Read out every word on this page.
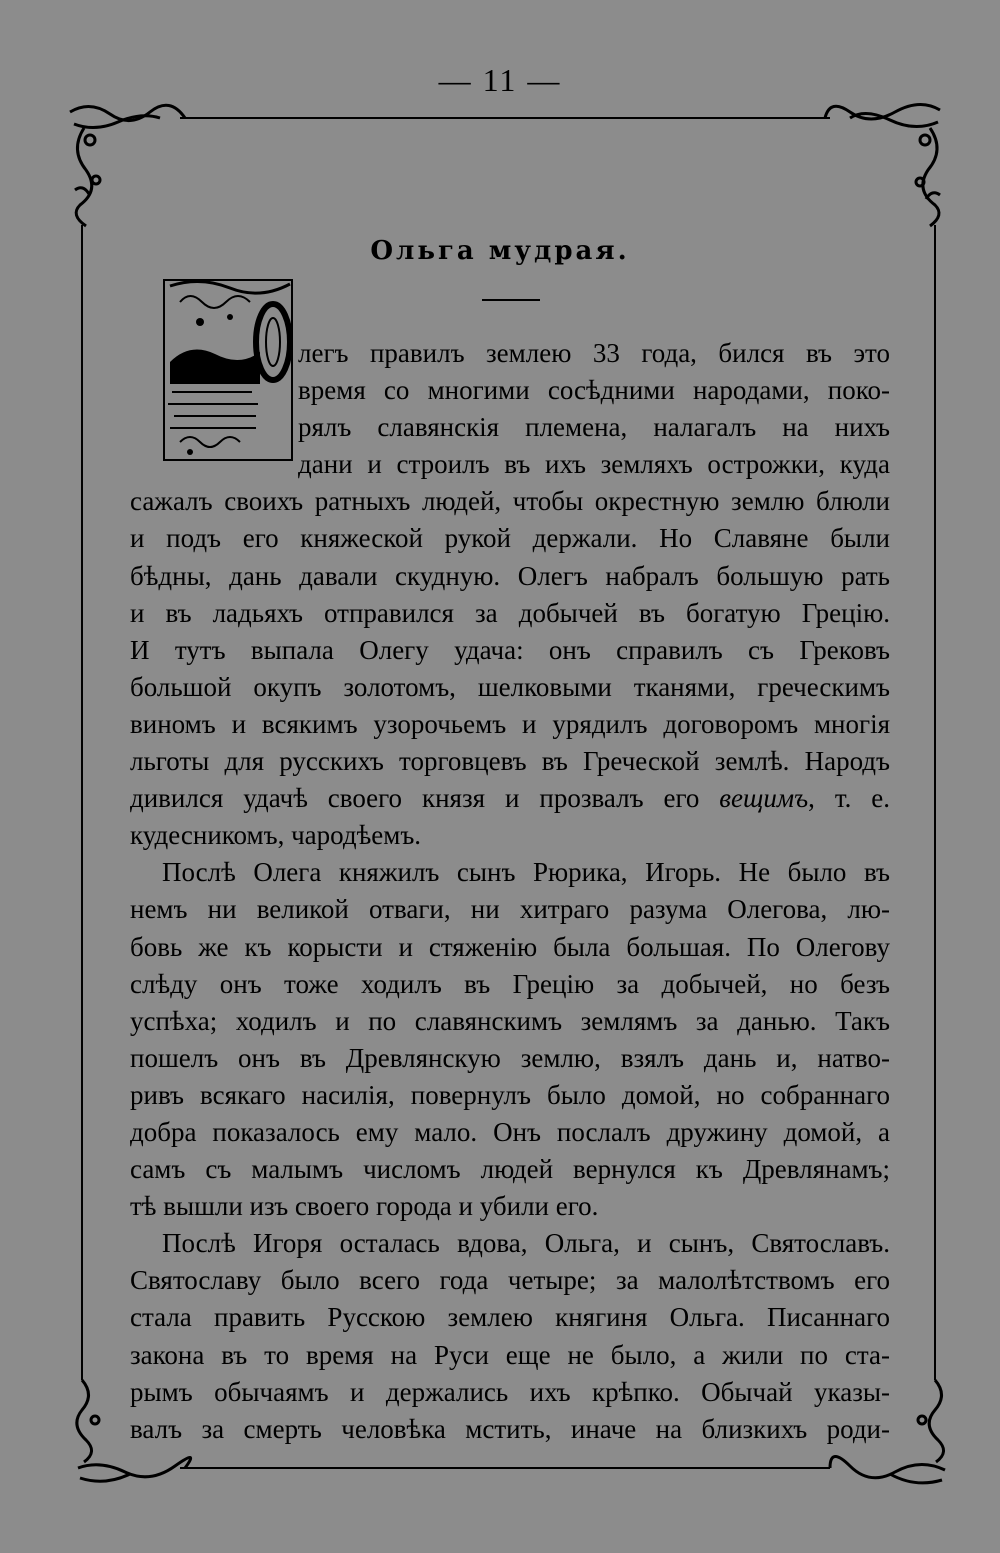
— 11 —
Ольга мудрая.

легъ правилъ землею 33 года, бился въ это

время со многими сосѣдними народами, поко-

рялъ славянскія племена, налагалъ на нихъ

дани и строилъ въ ихъ земляхъ острожки, куда

сажалъ своихъ ратныхъ людей, чтобы окрестную землю блюли

и подъ его княжеской рукой держали. Но Славяне были

бѣдны, дань давали скудную. Олегъ набралъ большую рать

и въ ладьяхъ отправился за добычей въ богатую Грецію.

И тутъ выпала Олегу удача: онъ справилъ съ Грековъ

большой окупъ золотомъ, шелковыми тканями, греческимъ

виномъ и всякимъ узорочьемъ и урядилъ договоромъ многія

льготы для русскихъ торговцевъ въ Греческой землѣ. Народъ

дивился удачѣ своего князя и прозвалъ его вещимъ, т. е.

кудесникомъ, чародѣемъ.

Послѣ Олега княжилъ сынъ Рюрика, Игорь. Не было въ

немъ ни великой отваги, ни хитраго разума Олегова, лю-

бовь же къ корысти и стяженію была большая. По Олегову

слѣду онъ тоже ходилъ въ Грецію за добычей, но безъ

успѣха; ходилъ и по славянскимъ землямъ за данью. Такъ

пошелъ онъ въ Древлянскую землю, взялъ дань и, натво-

ривъ всякаго насилія, повернулъ было домой, но собраннаго

добра показалось ему мало. Онъ послалъ дружину домой, а

самъ съ малымъ числомъ людей вернулся къ Древлянамъ;

тѣ вышли изъ своего города и убили его.

Послѣ Игоря осталась вдова, Ольга, и сынъ, Святославъ.

Святославу было всего года четыре; за малолѣтствомъ его

стала править Русскою землею княгиня Ольга. Писаннаго

закона въ то время на Руси еще не было, а жили по ста-

рымъ обычаямъ и держались ихъ крѣпко. Обычай указы-

валъ за смерть человѣка мстить, иначе на близкихъ роди-
